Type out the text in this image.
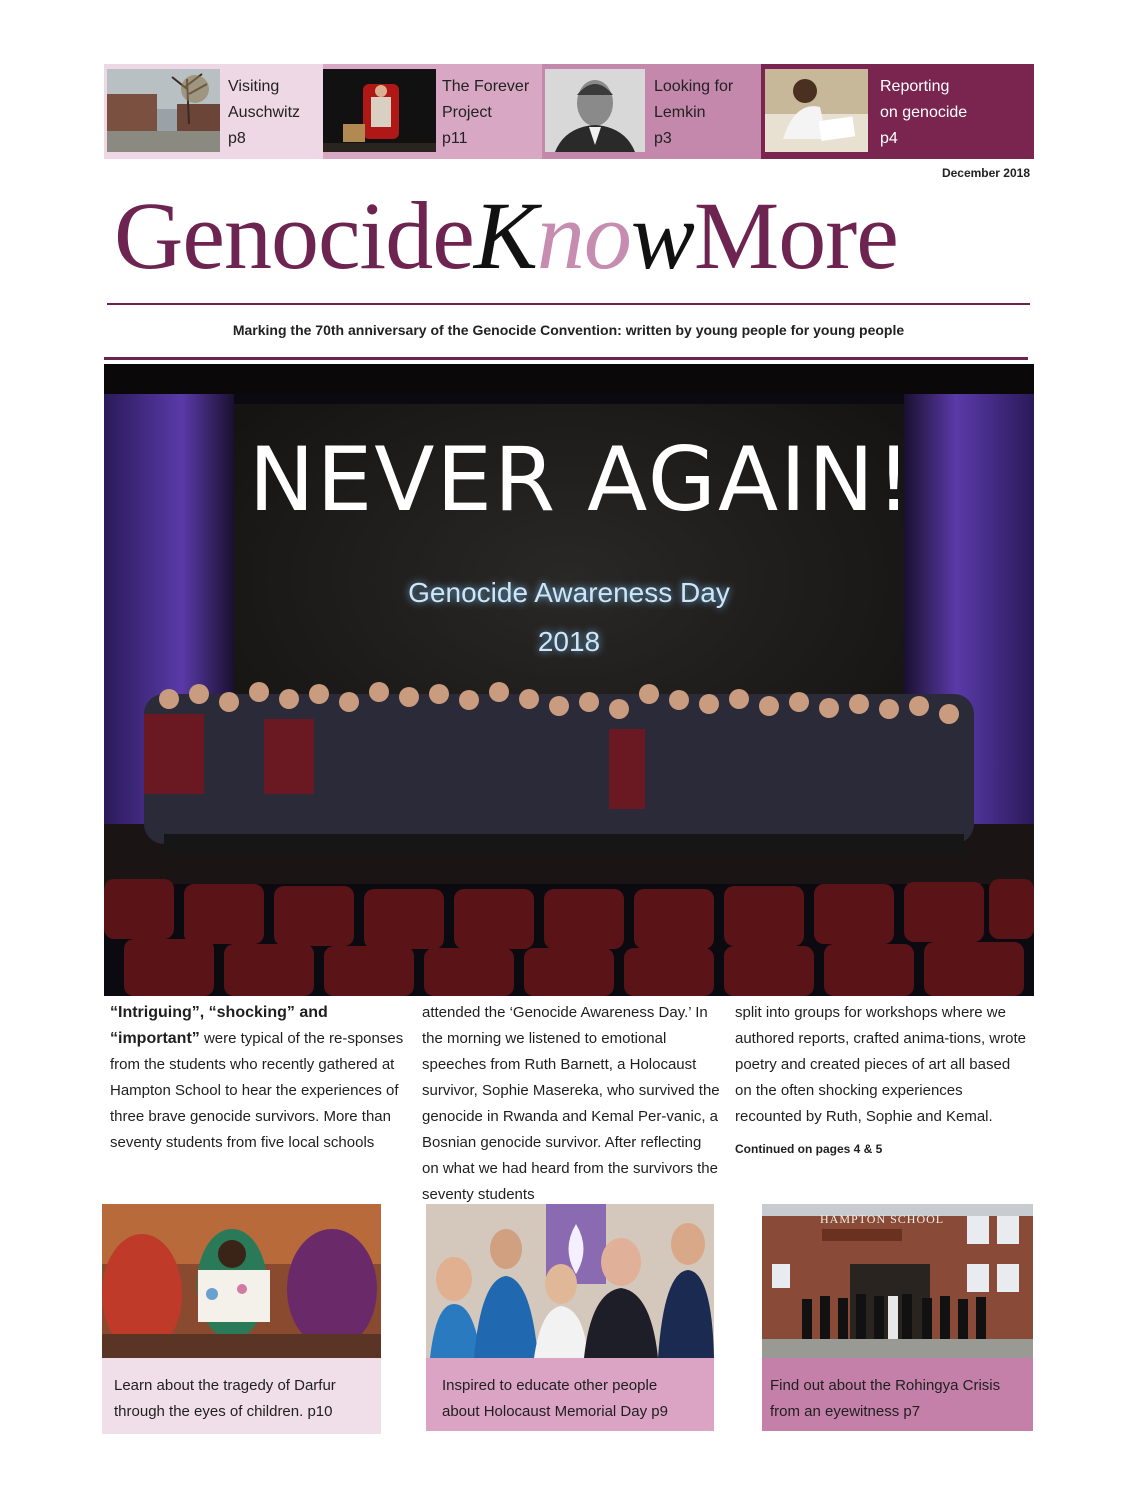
Visiting
Auschwitz
p8
The Forever
Project
p11
Looking for
Lemkin
p3
Reporting
on genocide
p4
December 2018
GenocideKnowMore
Marking the 70th anniversary of the Genocide Convention: written by young people for young people
NEVER AGAIN!
Genocide Awareness Day
2018
“Intriguing”, “shocking” and “important” were typical of the re-sponses from the students who recently gathered at Hampton School to hear the experiences of three brave genocide survivors. More than seventy students from five local schools
attended the ‘Genocide Awareness Day.’ In the morning we listened to emotional speeches from Ruth Barnett, a Holocaust survivor, Sophie Masereka, who survived the genocide in Rwanda and Kemal Per-vanic, a Bosnian genocide survivor. After reflecting on what we had heard from the survivors the seventy students
split into groups for workshops where we authored reports, crafted anima-tions, wrote poetry and created pieces of art all based on the often shocking experiences recounted by Ruth, Sophie and Kemal.
Continued on pages 4 & 5
Learn about the tragedy of Darfur
through the eyes of children. p10
Inspired to educate other people
about Holocaust Memorial Day p9
HAMPTON SCHOOL
Find out about the Rohingya Crisis
from an eyewitness p7
